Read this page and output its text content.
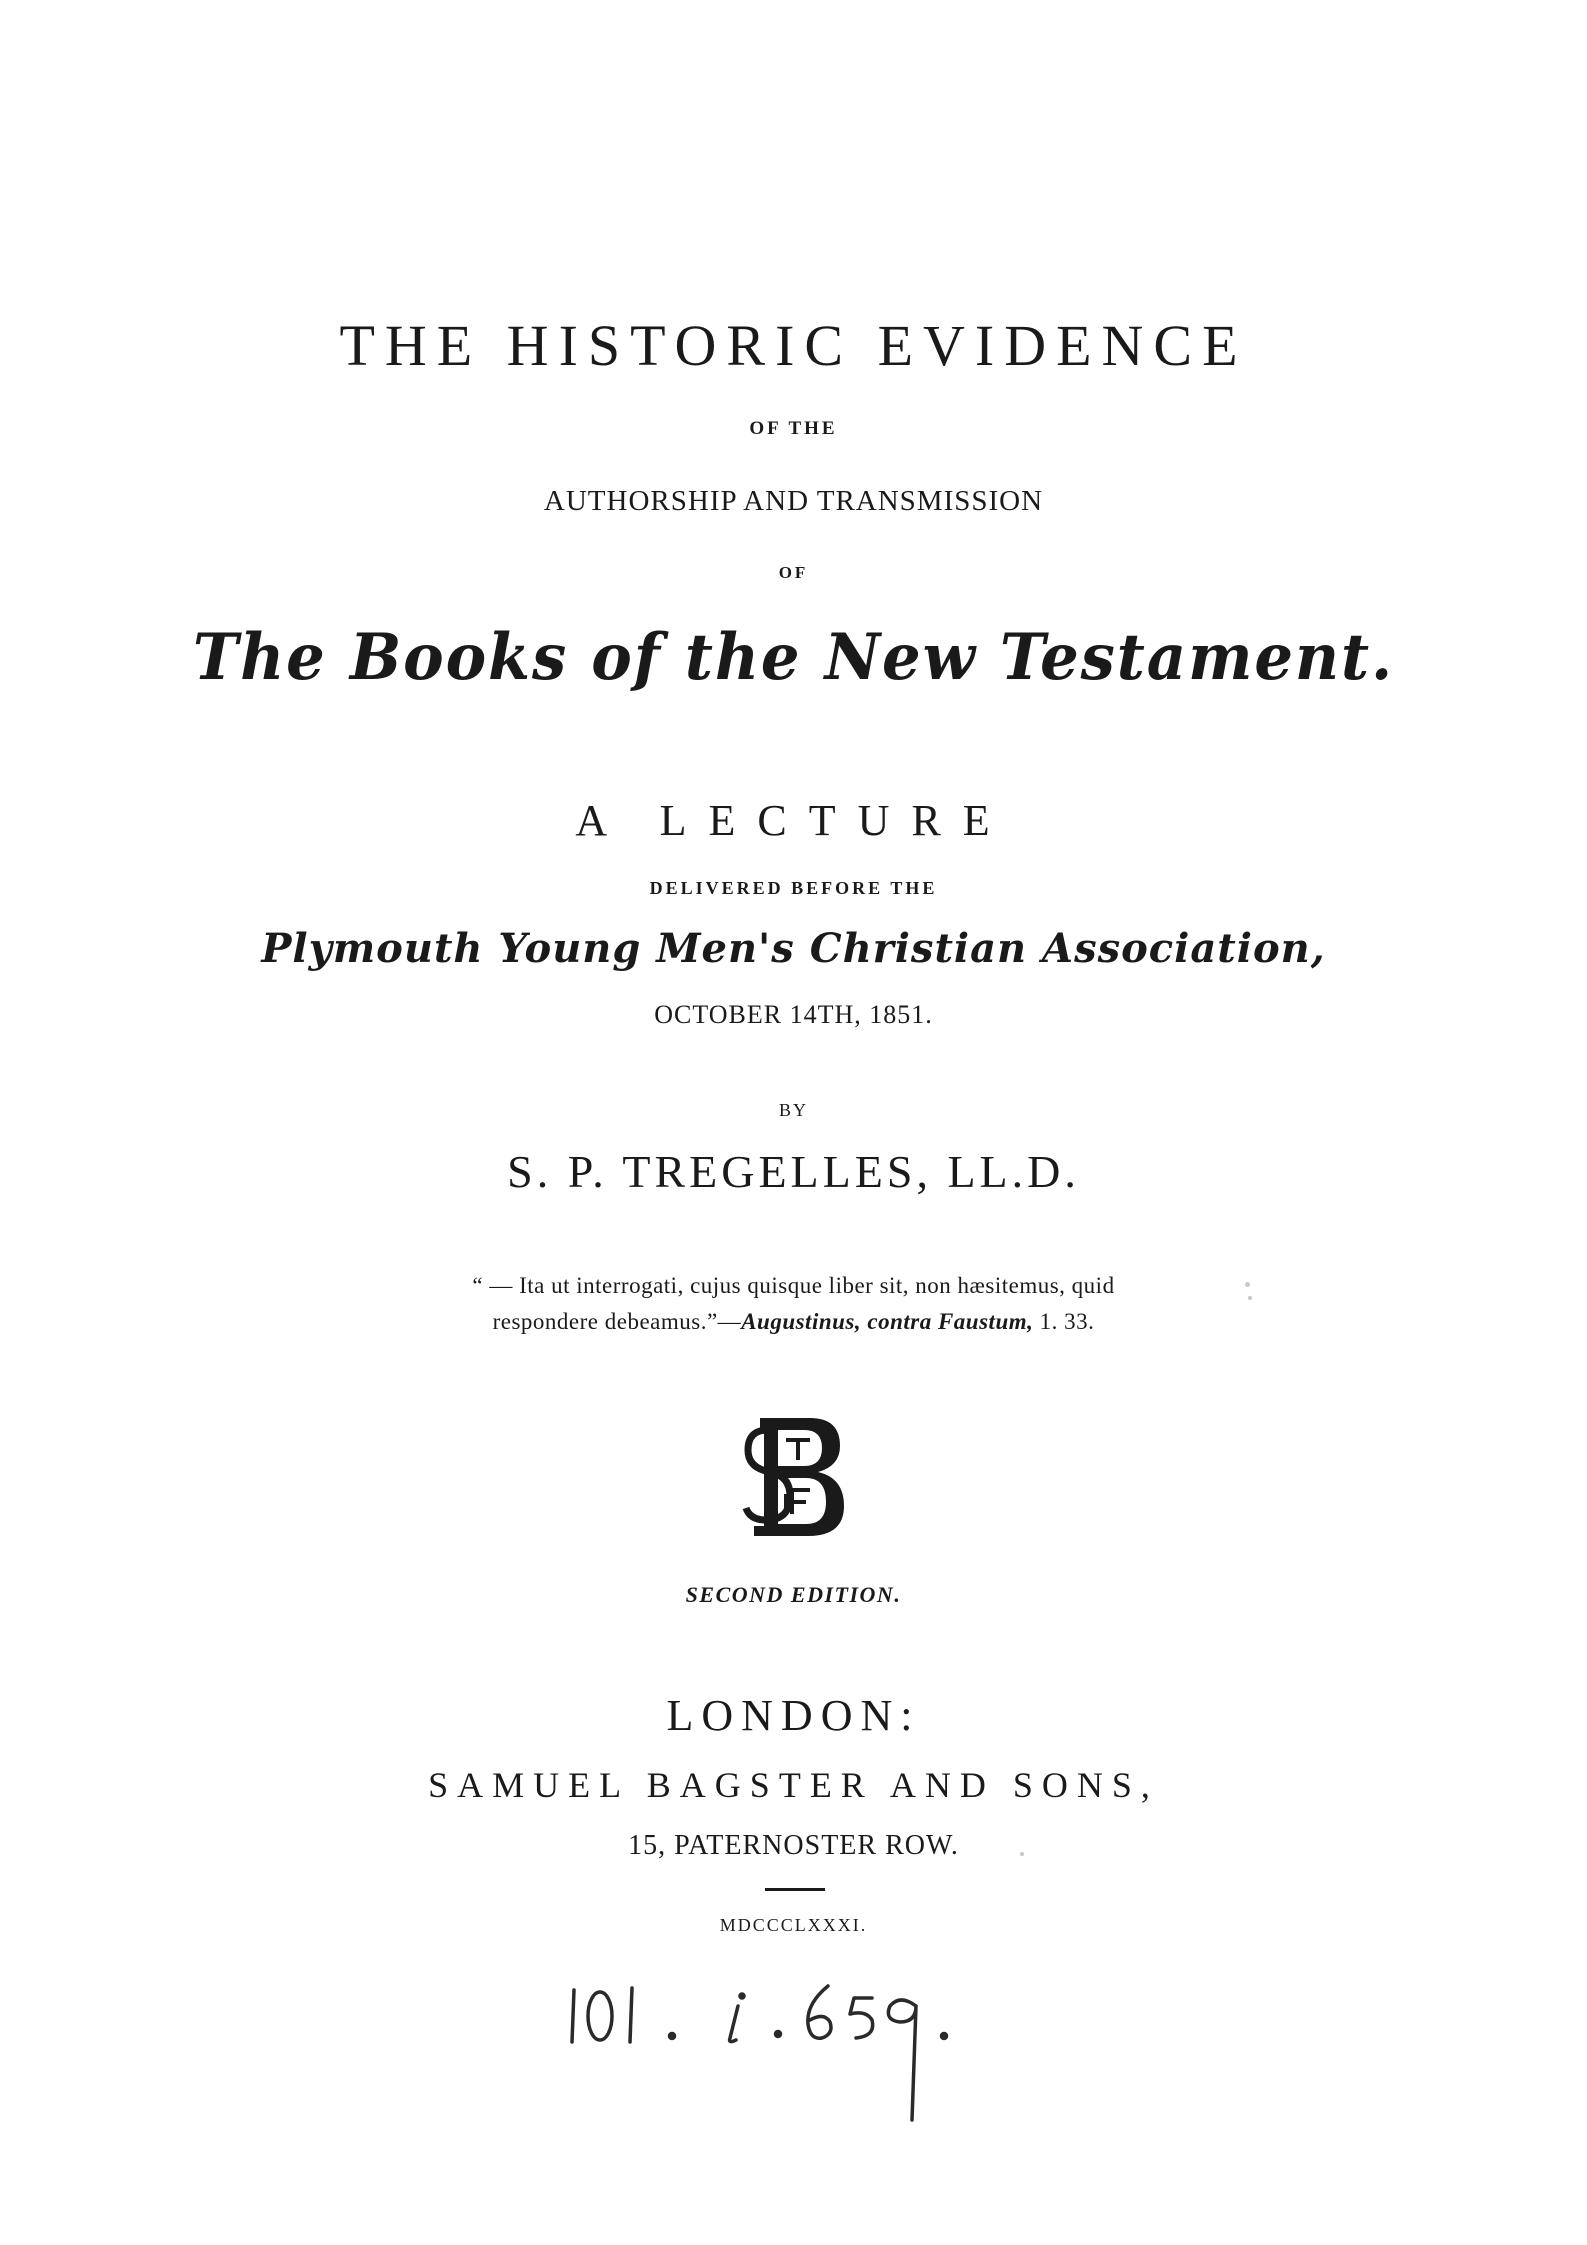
THE HISTORIC EVIDENCE
OF THE
AUTHORSHIP AND TRANSMISSION
OF
The Books of the New Testament.
A LECTURE
DELIVERED BEFORE THE
Plymouth Young Men's Christian Association,
OCTOBER 14TH, 1851.
BY
S. P. TREGELLES, LL.D.
“ — Ita ut interrogati, cujus quisque liber sit, non hæsitemus, quid
respondere debeamus.”—Augustinus, contra Faustum, 1. 33.
SECOND EDITION.
LONDON:
SAMUEL BAGSTER AND SONS,
15, PATERNOSTER ROW.
MDCCCLXXXI.
